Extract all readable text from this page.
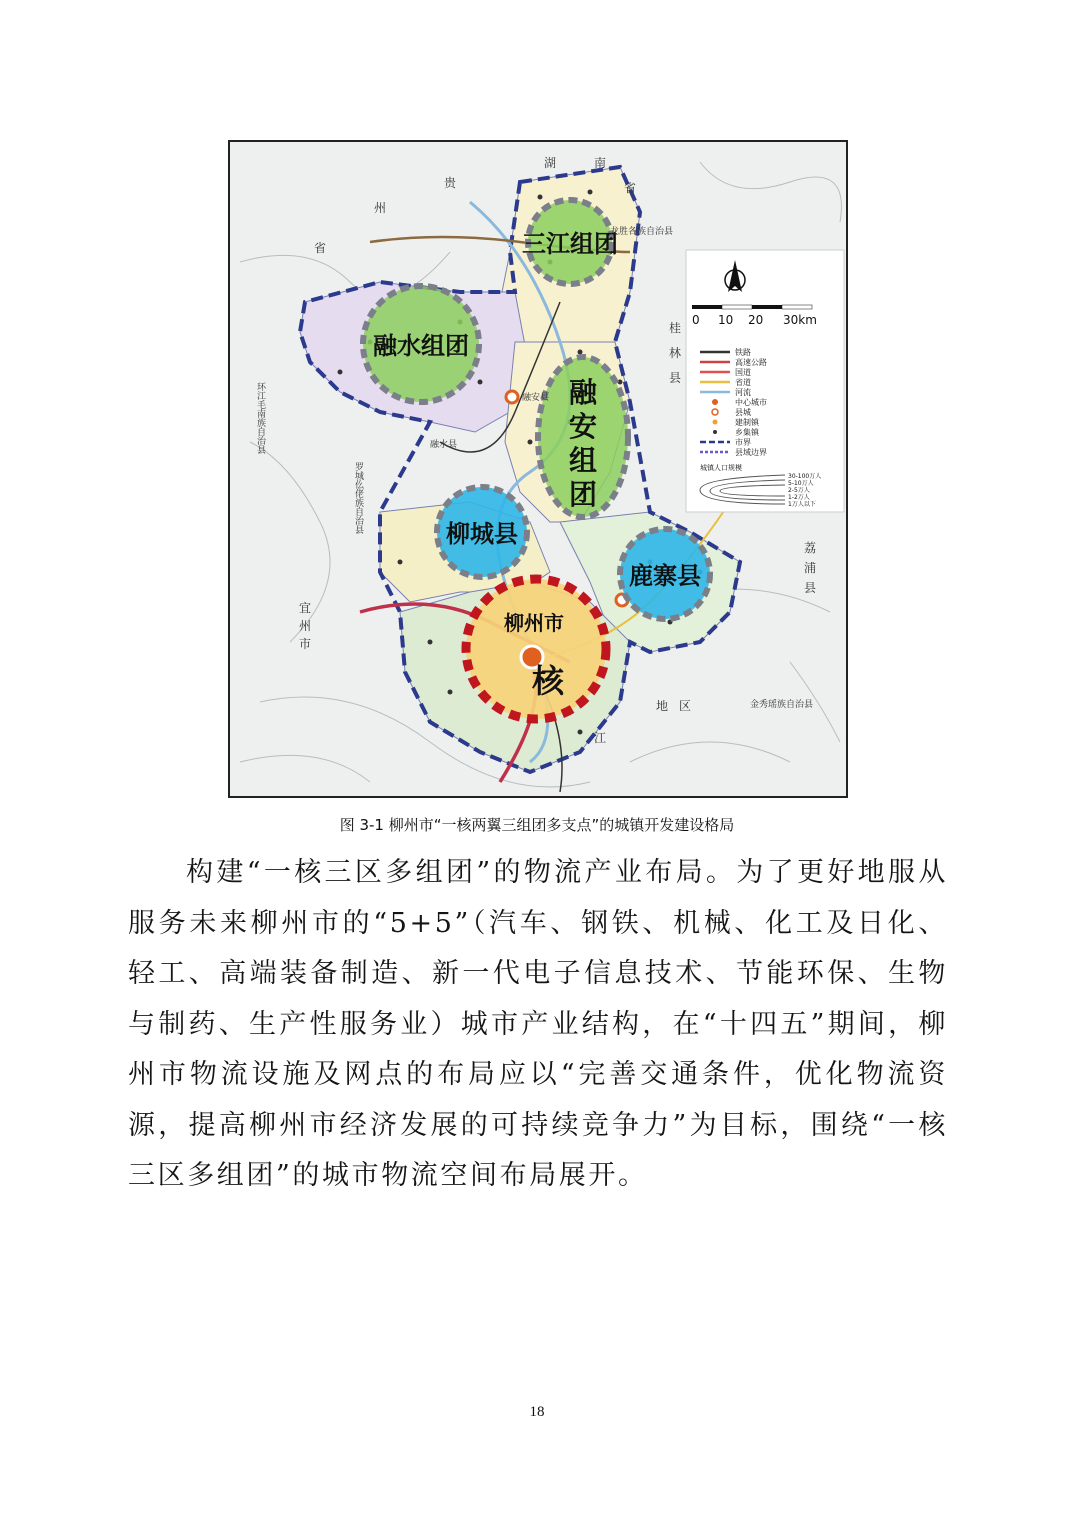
三江组团
融水组团
融
安
组
团
柳城县
鹿寨县
柳州市
核
贵
州
省
湖	南
省
桂
林
县
荔
浦
县
宜
州
市
地 区
江
龙胜各族自治县
金秀瑶族自治县
融水县
融安县
环江毛南族自治县
罗城仫佬族自治县
0 10 20 30km
铁路
高速公路
国道
省道
河流
中心城市
县城
建制镇
乡集镇
市界
县域边界
城镇人口规模
30-100万人
5-10万人
2-5万人
1-2万人
1万人以下
图 3-1 柳州市“一核两翼三组团多支点”的城镇开发建设格局

构建“一核三区多组团”的物流产业布局。为了更好地服从服务未来柳州市的“5+5”（汽车、钢铁、机械、化工及日化、轻工、高端装备制造、新一代电子信息技术、节能环保、生物与制药、生产性服务业）城市产业结构，在“十四五”期间，柳州市物流设施及网点的布局应以“完善交通条件，优化物流资源，提高柳州市经济发展的可持续竞争力”为目标，围绕“一核三区多组团”的城市物流空间布局展开。

18
